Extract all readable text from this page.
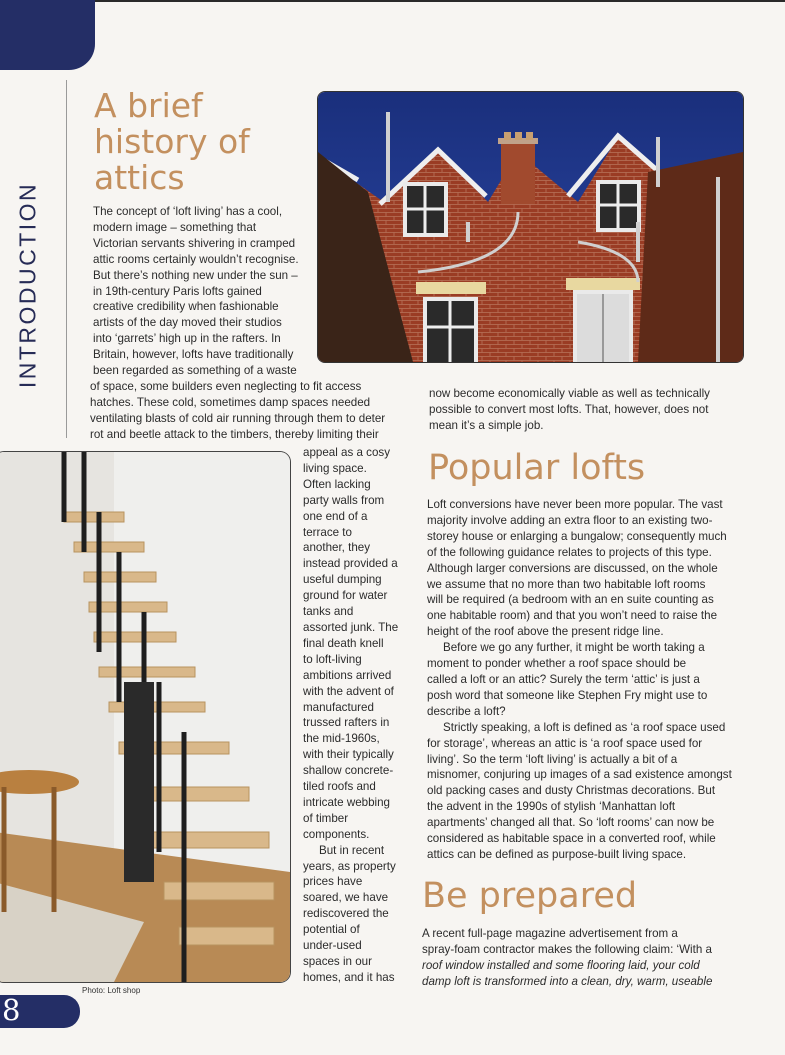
INTRODUCTION
A brief history of attics

The concept of ‘loft living’ has a cool,

modern image – something that

Victorian servants shivering in cramped

attic rooms certainly wouldn’t recognise.

But there’s nothing new under the sun –

in 19th-century Paris lofts gained

creative credibility when fashionable

artists of the day moved their studios

into ‘garrets’ high up in the rafters. In

Britain, however, lofts have traditionally

been regarded as something of a waste

of space, some builders even neglecting to fit access

hatches. These cold, sometimes damp spaces needed

ventilating blasts of cold air running through them to deter

rot and beetle attack to the timbers, thereby limiting their

appeal as a cosy

living space.

Often lacking

party walls from

one end of a

terrace to

another, they

instead provided a

useful dumping

ground for water

tanks and

assorted junk. The

final death knell

to loft-living

ambitions arrived

with the advent of

manufactured

trussed rafters in

the mid-1960s,

with their typically

shallow concrete-

tiled roofs and

intricate webbing

of timber

components.

But in recent

years, as property

prices have

soared, we have

rediscovered the

potential of

under-used

spaces in our

homes, and it has

now become economically viable as well as technically

possible to convert most lofts. That, however, does not

mean it’s a simple job.

Popular lofts

Loft conversions have never been more popular. The vast

majority involve adding an extra floor to an existing two-

storey house or enlarging a bungalow; consequently much

of the following guidance relates to projects of this type.

Although larger conversions are discussed, on the whole

we assume that no more than two habitable loft rooms

will be required (a bedroom with an en suite counting as

one habitable room) and that you won’t need to raise the

height of the roof above the present ridge line.

Before we go any further, it might be worth taking a

moment to ponder whether a roof space should be

called a loft or an attic? Surely the term ‘attic’ is just a

posh word that someone like Stephen Fry might use to

describe a loft?

Strictly speaking, a loft is defined as ‘a roof space used

for storage’, whereas an attic is ‘a roof space used for

living’. So the term ‘loft living’ is actually a bit of a

misnomer, conjuring up images of a sad existence amongst

old packing cases and dusty Christmas decorations. But

the advent in the 1990s of stylish ‘Manhattan loft

apartments’ changed all that. So ‘loft rooms’ can now be

considered as habitable space in a converted roof, while

attics can be defined as purpose-built living space.

Be prepared

A recent full-page magazine advertisement from a

spray-foam contractor makes the following claim: ‘With a

roof window installed and some flooring laid, your cold

damp loft is transformed into a clean, dry, warm, useable

Photo: Loft shop
8
